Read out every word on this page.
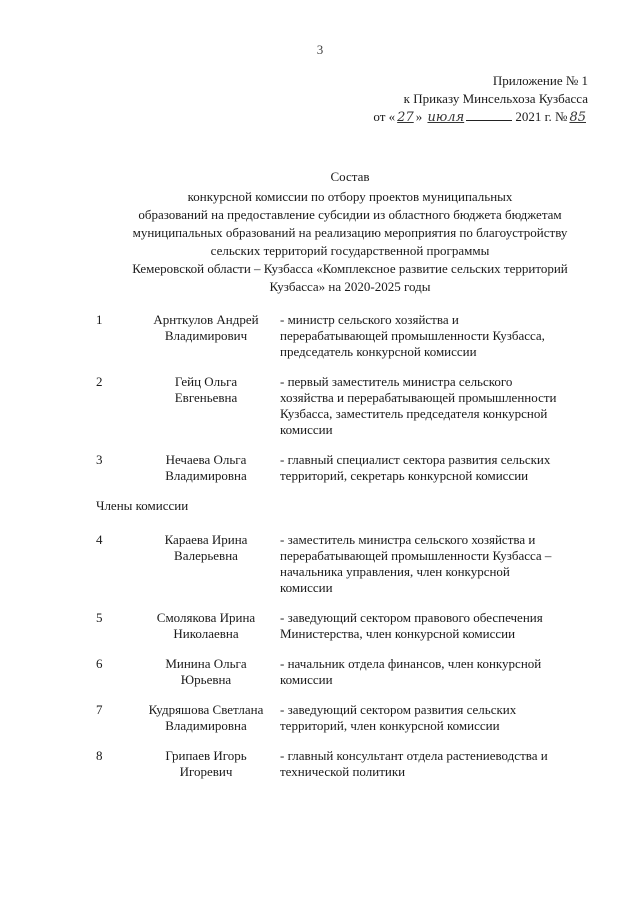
3
Приложение № 1
к Приказу Минсельхоза Кузбасса
от « 27 » июля	2021 г. № 85
Состав
конкурсной комиссии по отбору проектов муниципальных
образований на предоставление субсидии из областного бюджета бюджетам
муниципальных образований на реализацию мероприятия по благоустройству
сельских территорий государственной программы
Кемеровской области – Кузбасса «Комплексное развитие сельских территорий
Кузбасса» на 2020-2025 годы
1	Арнткулов Андрей
Владимирович
- министр сельского хозяйства и
перерабатывающей промышленности Кузбасса,
председатель конкурсной комиссии
2	Гейц Ольга
Евгеньевна
- первый заместитель министра сельского
хозяйства и перерабатывающей промышленности
Кузбасса, заместитель председателя конкурсной
комиссии
3	Нечаева Ольга
Владимировна
- главный специалист сектора развития сельских
территорий, секретарь конкурсной комиссии
Члены комиссии
4	Караева Ирина
Валерьевна
- заместитель министра сельского хозяйства и
перерабатывающей промышленности Кузбасса –
начальника управления, член конкурсной
комиссии
5	Смолякова Ирина
Николаевна
- заведующий сектором правового обеспечения
Министерства, член конкурсной комиссии
6	Минина Ольга
Юрьевна
- начальник отдела финансов, член конкурсной
комиссии
7	Кудряшова Светлана
Владимировна
- заведующий сектором развития сельских
территорий, член конкурсной комиссии
8	Грипаев Игорь
Игоревич
- главный консультант отдела растениеводства и
технической политики
